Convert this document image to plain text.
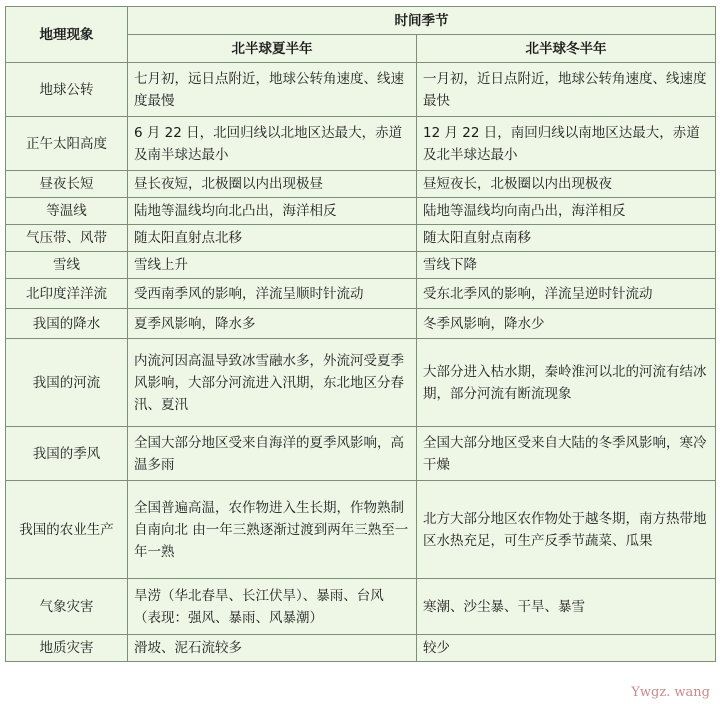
地理现象	时间季节	
	北半球夏半年	北半球冬半年
地球公转	七月初，远日点附近，地球公转角速度、线速度最慢	一月初，近日点附近，地球公转角速度、线速度最快
正午太阳高度	6 月 22 日，北回归线以北地区达最大，赤道及南半球达最小	12 月 22 日，南回归线以南地区达最大，赤道及北半球达最小
昼夜长短	昼长夜短，北极圈以内出现极昼	昼短夜长，北极圈以内出现极夜
等温线	陆地等温线均向北凸出，海洋相反	陆地等温线均向南凸出，海洋相反
气压带、风带	随太阳直射点北移	随太阳直射点南移
雪线	雪线上升	雪线下降
北印度洋洋流	受西南季风的影响，洋流呈顺时针流动	受东北季风的影响，洋流呈逆时针流动
我国的降水	夏季风影响，降水多	冬季风影响，降水少
我国的河流	内流河因高温导致冰雪融水多，外流河受夏季风影响，大部分河流进入汛期，东北地区分春汛、夏汛	大部分进入枯水期，秦岭淮河以北的河流有结冰期，部分河流有断流现象
我国的季风	全国大部分地区受来自海洋的夏季风影响，高温多雨	全国大部分地区受来自大陆的冬季风影响，寒冷干燥
我国的农业生产	全国普遍高温，农作物进入生长期，作物熟制自南向北 由一年三熟逐渐过渡到两年三熟至一年一熟	北方大部分地区农作物处于越冬期，南方热带地区水热充足，可生产反季节蔬菜、瓜果
气象灾害	旱涝（华北春旱、长江伏旱）、暴雨、台风（表现：强风、暴雨、风暴潮）	寒潮、沙尘暴、干旱、暴雪
地质灾害	滑坡、泥石流较多	较少
Ywgz. wang
